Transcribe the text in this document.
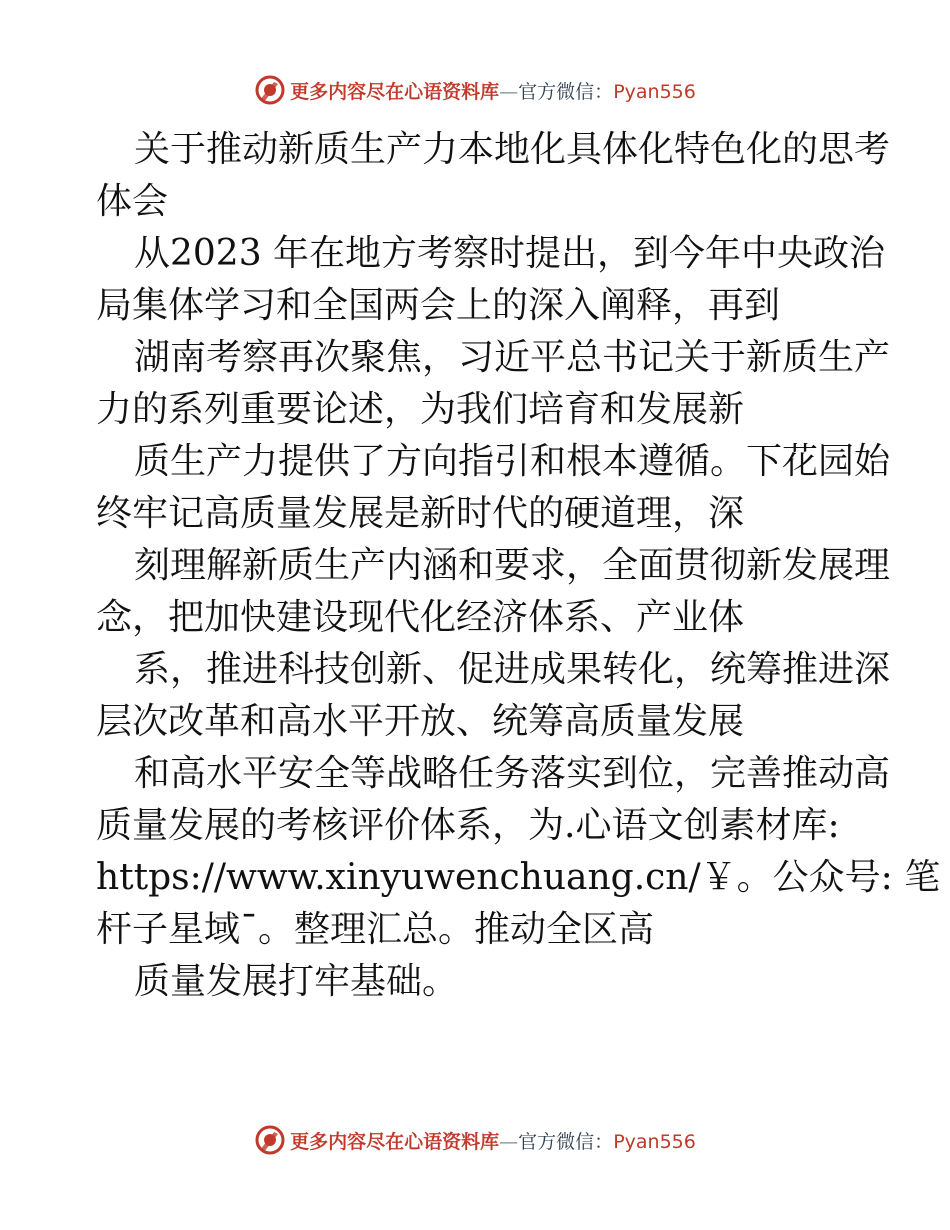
更多内容尽在心语资料库—官方微信：Pyan556
关于推动新质生产力本地化具体化特色化的思考
体会
从2023 年在地方考察时提出，到今年中央政治
局集体学习和全国两会上的深入阐释，再到
湖南考察再次聚焦，习近平总书记关于新质生产
力的系列重要论述，为我们培育和发展新
质生产力提供了方向指引和根本遵循。下花园始
终牢记高质量发展是新时代的硬道理，深
刻理解新质生产内涵和要求，全面贯彻新发展理
念，把加快建设现代化经济体系、产业体
系，推进科技创新、促进成果转化，统筹推进深
层次改革和高水平开放、统筹高质量发展
和高水平安全等战略任务落实到位，完善推动高
质量发展的考核评价体系，为.心语文创素材库:
https://www.xinyuwenchuang.cn/￥。公众号: 笔
杆子星域¯。整理汇总。推动全区高
质量发展打牢基础。
更多内容尽在心语资料库—官方微信：Pyan556
